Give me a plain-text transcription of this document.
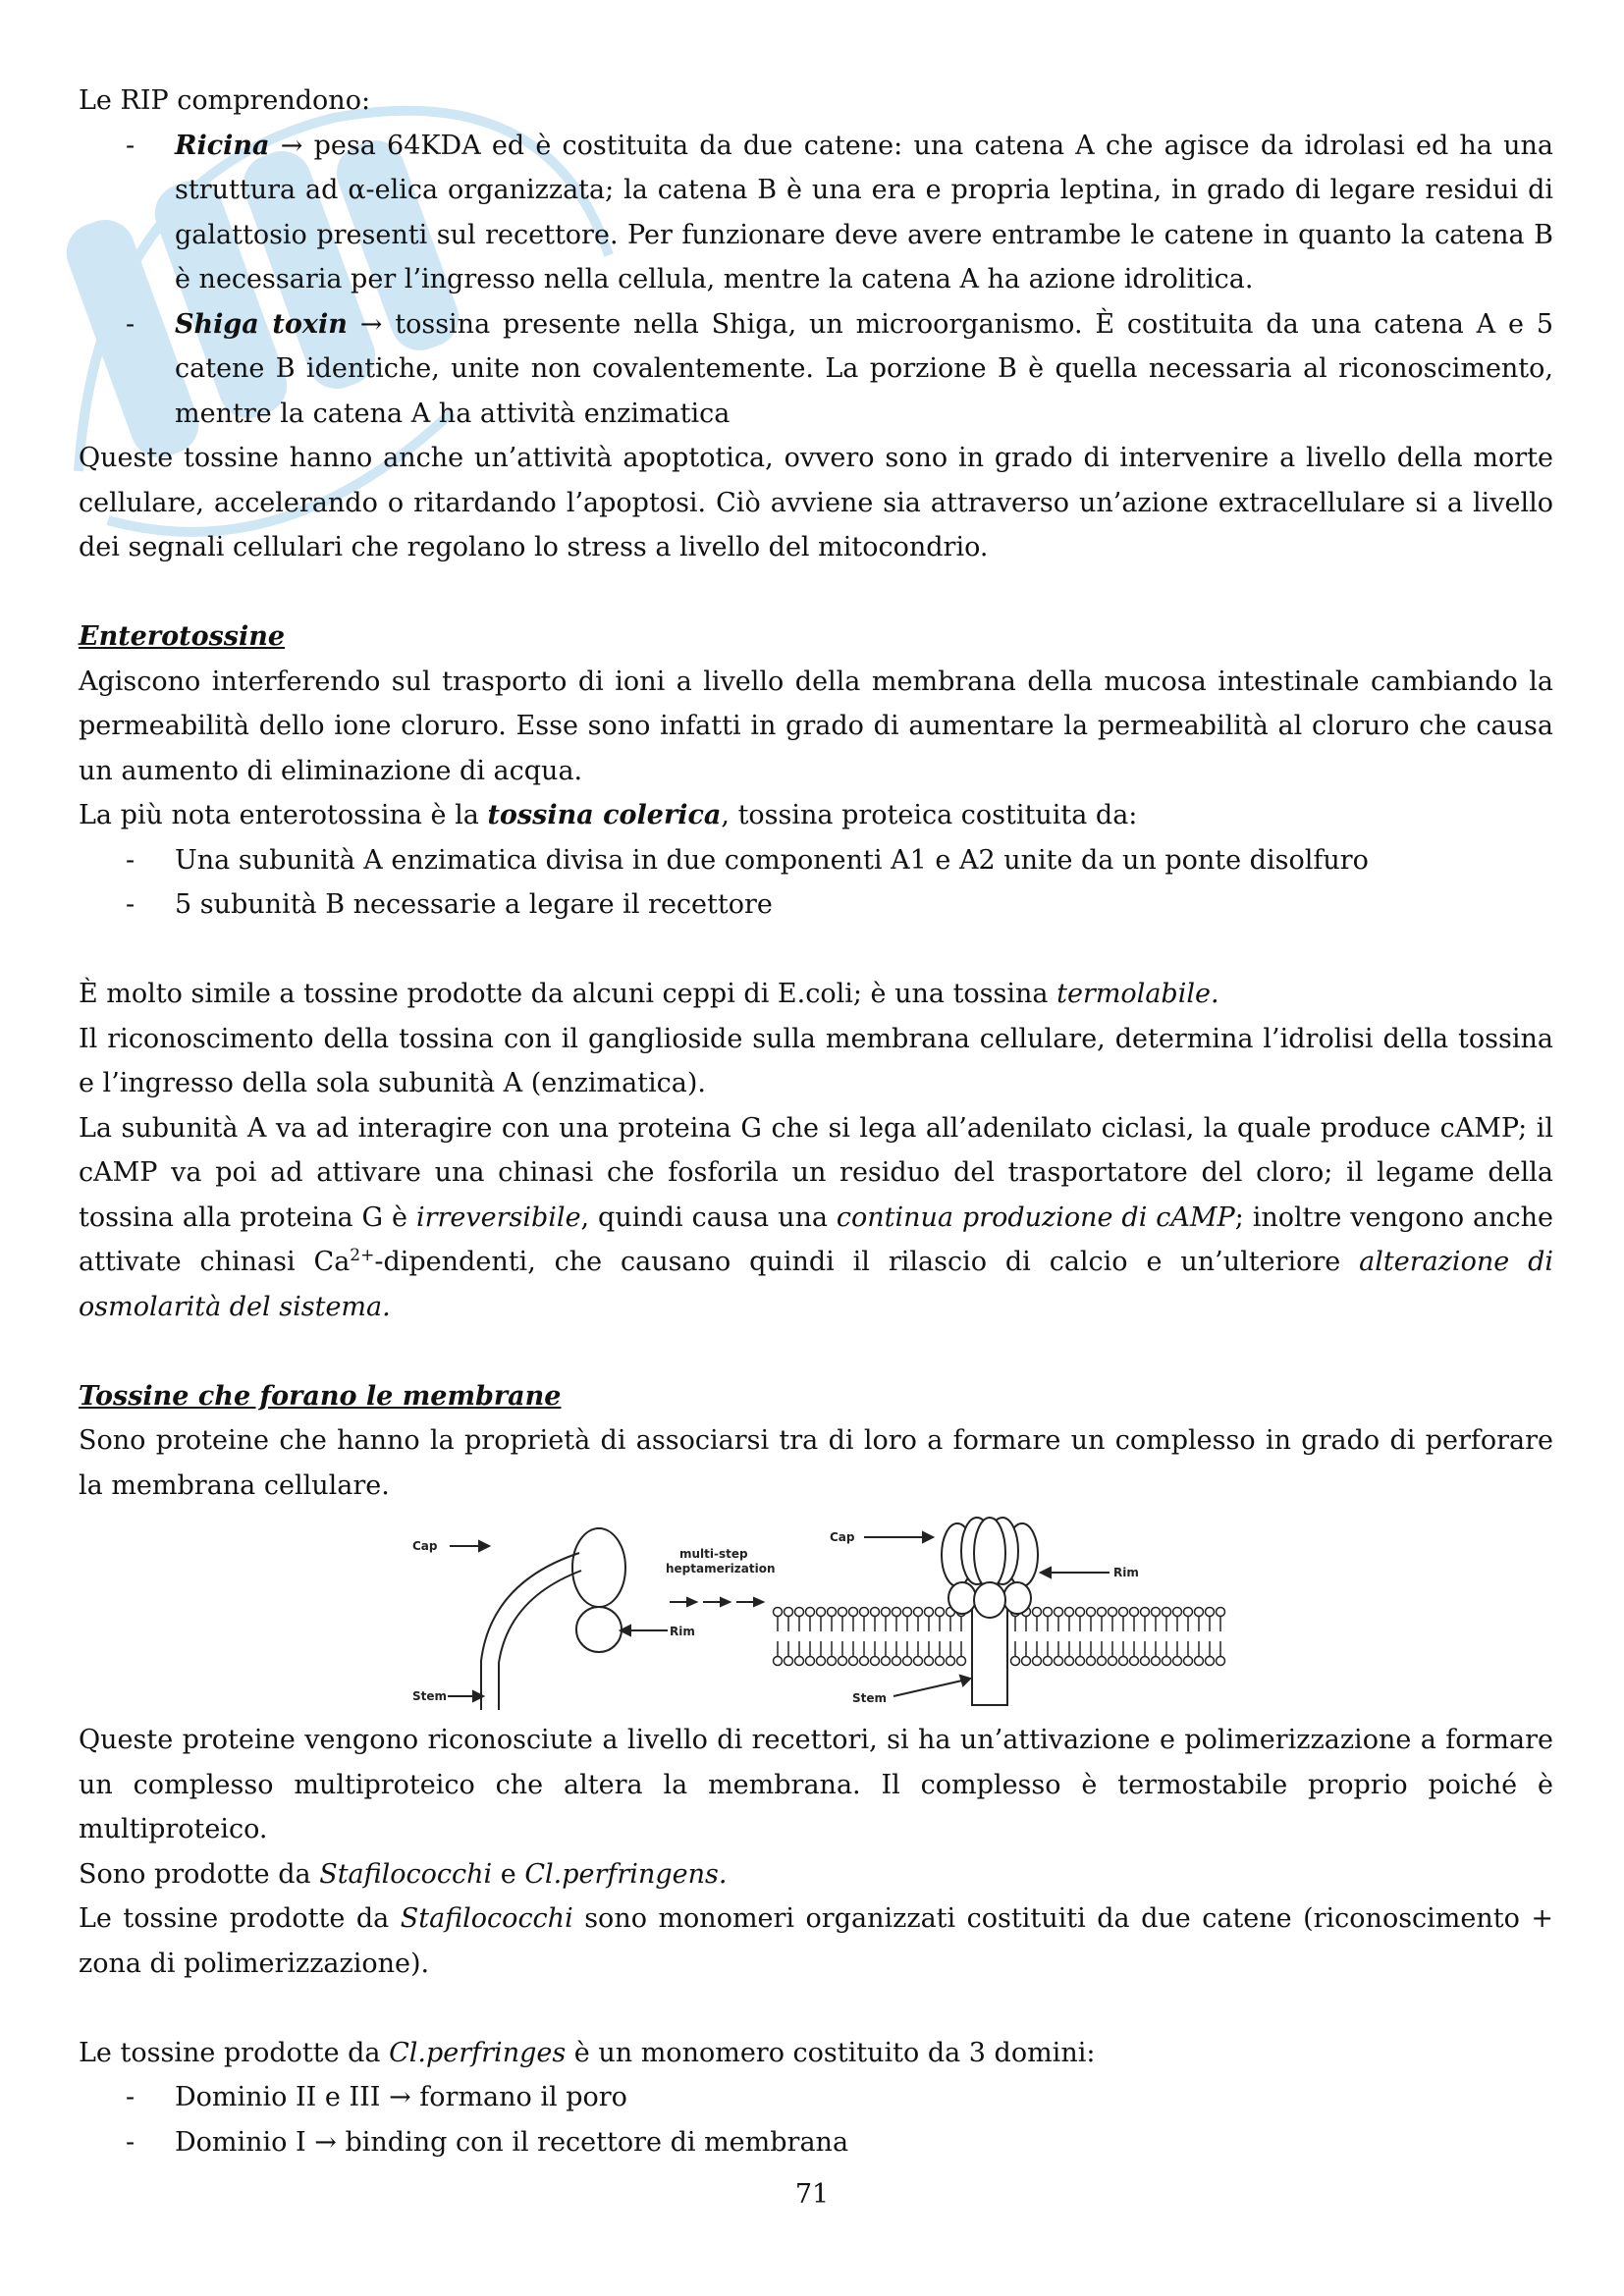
Le RIP comprendono:
- Ricina → pesa 64KDA ed è costituita da due catene: una catena A che agisce da idrolasi ed ha una struttura ad α-elica organizzata; la catena B è una era e propria leptina, in grado di legare residui di galattosio presenti sul recettore. Per funzionare deve avere entrambe le catene in quanto la catena B è necessaria per l’ingresso nella cellula, mentre la catena A ha azione idrolitica.
- Shiga toxin → tossina presente nella Shiga, un microorganismo. È costituita da una catena A e 5 catene B identiche, unite non covalentemente. La porzione B è quella necessaria al riconoscimento, mentre la catena A ha attività enzimatica
Queste tossine hanno anche un’attività apoptotica, ovvero sono in grado di intervenire a livello della morte cellulare, accelerando o ritardando l’apoptosi. Ciò avviene sia attraverso un’azione extracellulare si a livello dei segnali cellulari che regolano lo stress a livello del mitocondrio.
Enterotossine
Agiscono interferendo sul trasporto di ioni a livello della membrana della mucosa intestinale cambiando la permeabilità dello ione cloruro. Esse sono infatti in grado di aumentare la permeabilità al cloruro che causa un aumento di eliminazione di acqua.
La più nota enterotossina è la tossina colerica, tossina proteica costituita da:
- Una subunità A enzimatica divisa in due componenti A1 e A2 unite da un ponte disolfuro
- 5 subunità B necessarie a legare il recettore
È molto simile a tossine prodotte da alcuni ceppi di E.coli; è una tossina termolabile.
Il riconoscimento della tossina con il ganglioside sulla membrana cellulare, determina l’idrolisi della tossina e l’ingresso della sola subunità A (enzimatica).
La subunità A va ad interagire con una proteina G che si lega all’adenilato ciclasi, la quale produce cAMP; il cAMP va poi ad attivare una chinasi che fosforila un residuo del trasportatore del cloro; il legame della tossina alla proteina G è irreversibile, quindi causa una continua produzione di cAMP; inoltre vengono anche attivate chinasi $Ca^{2+}$-dipendenti, che causano quindi il rilascio di calcio e un’ulteriore alterazione di osmolarità del sistema.
Tossine che forano le membrane
Sono proteine che hanno la proprietà di associarsi tra di loro a formare un complesso in grado di perforare la membrana cellulare.
Cap
Rim
Stem
multi-step
heptamerization
Cap
Rim
Stem
Queste proteine vengono riconosciute a livello di recettori, si ha un’attivazione e polimerizzazione a formare un complesso multiproteico che altera la membrana. Il complesso è termostabile proprio poiché è multiproteico.
Sono prodotte da Stafilococchi e Cl.perfringens.
Le tossine prodotte da Stafilococchi sono monomeri organizzati costituiti da due catene (riconoscimento + zona di polimerizzazione).
Le tossine prodotte da Cl.perfringes è un monomero costituito da 3 domini:
- Dominio II e III → formano il poro
- Dominio I → binding con il recettore di membrana
71
